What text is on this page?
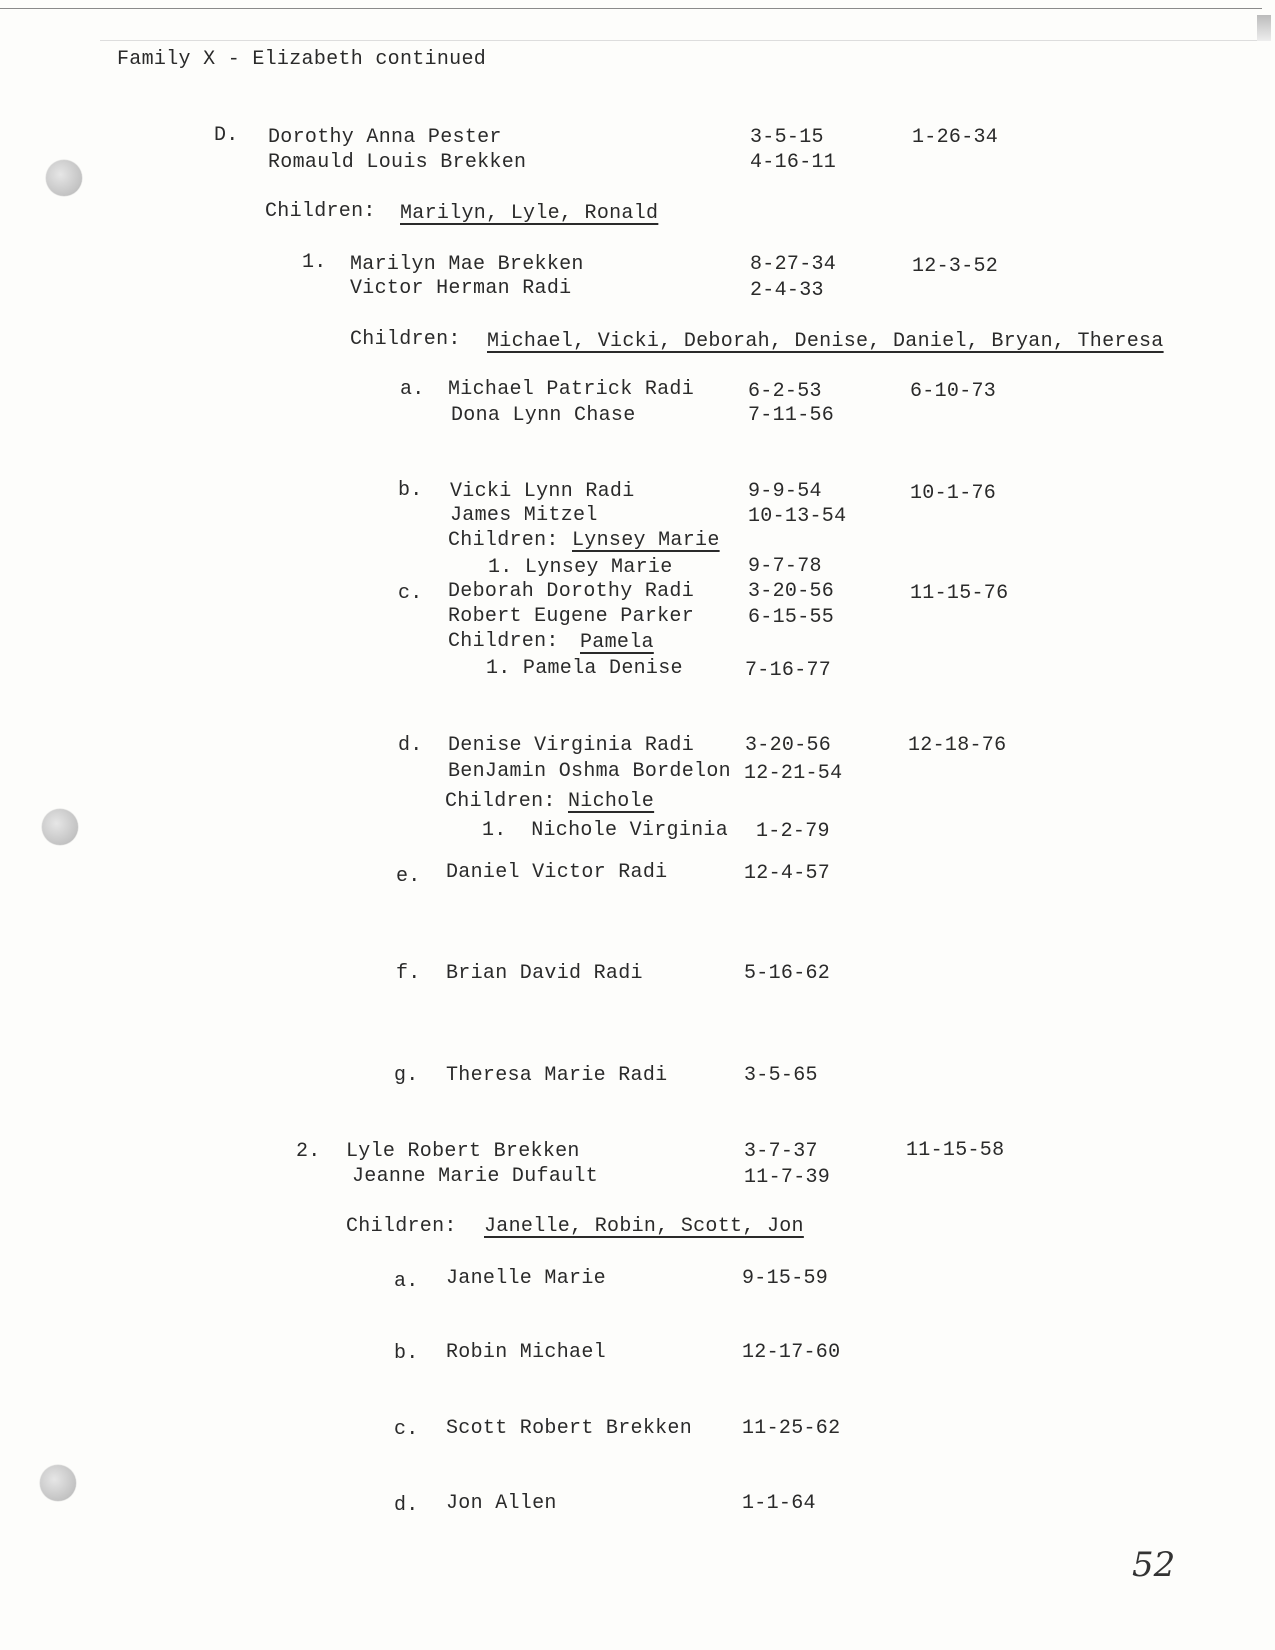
Family X - Elizabeth continued
D. Dorothy Anna Pester	3-5-15	1-26-34
Romauld Louis Brekken	4-16-11
Children: Marilyn, Lyle, Ronald
1. Marilyn Mae Brekken	8-27-34	12-3-52
Victor Herman Radi	2-4-33
Children: Michael, Vicki, Deborah, Denise, Daniel, Bryan, Theresa
a. Michael Patrick Radi	6-2-53	6-10-73
Dona Lynn Chase	7-11-56
b. Vicki Lynn Radi	9-9-54	10-1-76
James Mitzel	10-13-54
Children: Lynsey Marie
1. Lynsey Marie	9-7-78
c. Deborah Dorothy Radi	3-20-56	11-15-76
Robert Eugene Parker	6-15-55
Children: Pamela
1. Pamela Denise	7-16-77
d. Denise Virginia Radi	3-20-56	12-18-76
BenJamin Oshma Bordelon 12-21-54
Children: Nichole
1.  Nichole Virginia 1-2-79
e. Daniel Victor Radi	12-4-57
f. Brian David Radi	5-16-62
g. Theresa Marie Radi	3-5-65
2. Lyle Robert Brekken	3-7-37	11-15-58
Jeanne Marie Dufault	11-7-39
Children: Janelle, Robin, Scott, Jon
a. Janelle Marie	9-15-59
b. Robin Michael	12-17-60
c. Scott Robert Brekken 11-25-62
d. Jon Allen	1-1-64
52
